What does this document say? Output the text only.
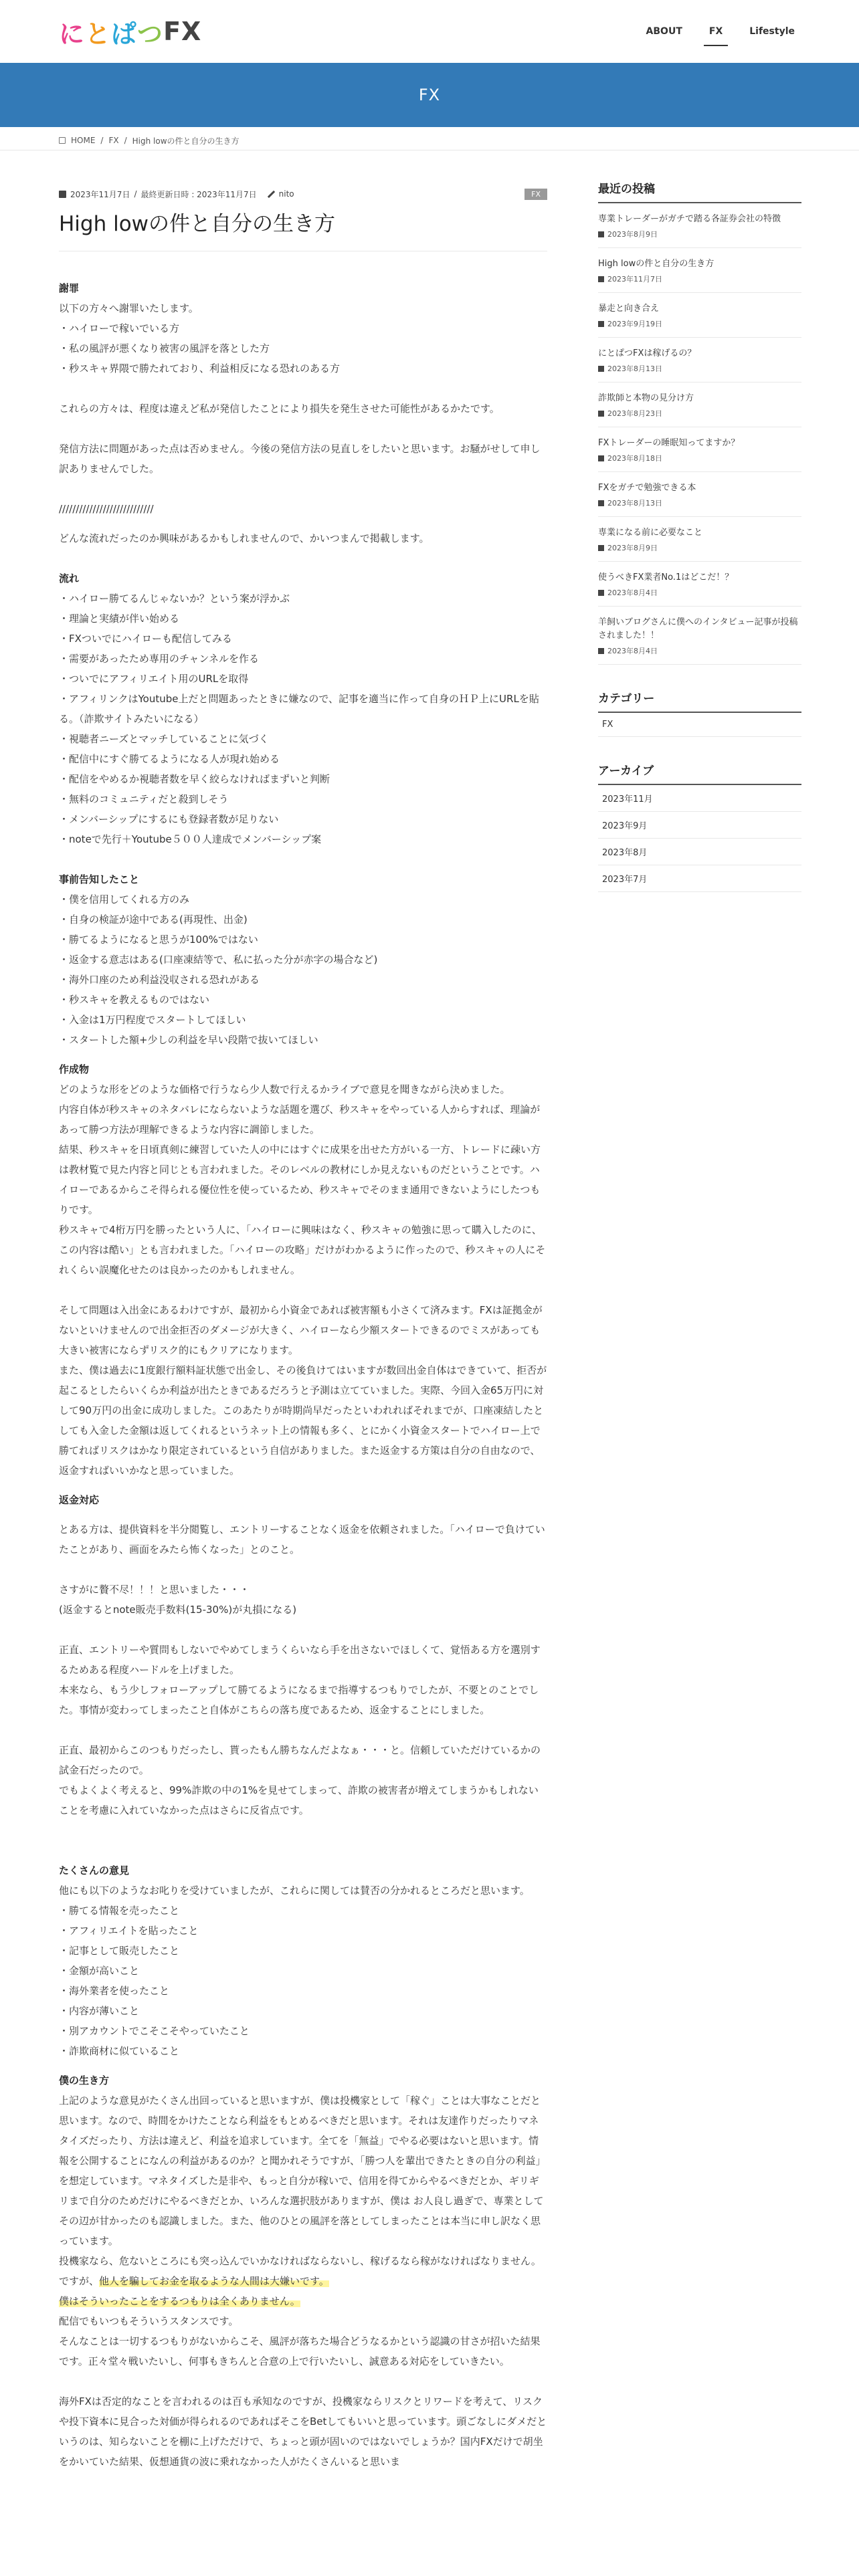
に と ぱ つ FX	ABOUT	FX	Lifestyle
FX
HOME / FX / High lowの件と自分の生き方
2023年11月7日 / 最終更新日時 : 2023年11月7日	nito	FX
High lowの件と自分の生き方

謝罪

以下の方々へ謝罪いたします。

・ハイローで稼いでいる方

・私の風評が悪くなり被害の風評を落とした方

・秒スキャ界隈で勝たれており、利益相反になる恐れのある方

これらの方々は、程度は違えど私が発信したことにより損失を発生させた可能性があるかたです。

発信方法に問題があった点は否めません。今後の発信方法の見直しをしたいと思います。お騒がせして申し訳ありませんでした。

////////////////////////////

どんな流れだったのか興味があるかもしれませんので、かいつまんで掲載します。

流れ

・ハイロー勝てるんじゃないか？という案が浮かぶ

・理論と実績が伴い始める

・FXついでにハイローも配信してみる

・需要があったため専用のチャンネルを作る

・ついでにアフィリエイト用のURLを取得

・アフィリンクはYoutube上だと問題あったときに嫌なので、記事を適当に作って自身のＨＰ上にURLを貼る。（詐欺サイトみたいになる）

・視聴者ニーズとマッチしていることに気づく

・配信中にすぐ勝てるようになる人が現れ始める

・配信をやめるか視聴者数を早く絞らなければまずいと判断

・無料のコミュニティだと殺到しそう

・メンバーシップにするにも登録者数が足りない

・noteで先行＋Youtube５００人達成でメンバーシップ案

事前告知したこと

・僕を信用してくれる方のみ

・自身の検証が途中である(再現性、出金)

・勝てるようになると思うが100%ではない

・返金する意志はある(口座凍結等で、私に払った分が赤字の場合など)

・海外口座のため利益没収される恐れがある

・秒スキャを教えるものではない

・入金は1万円程度でスタートしてほしい

・スタートした額+少しの利益を早い段階で抜いてほしい

作成物

どのような形をどのような価格で行うなら少人数で行えるかライブで意見を聞きながら決めました。

内容自体が秒スキャのネタバレにならないような話題を選び、秒スキャをやっている人からすれば、理論があって勝つ方法が理解できるような内容に調節しました。

結果、秒スキャを日頃真剣に練習していた人の中にはすぐに成果を出せた方がいる一方、トレードに疎い方は教材覧で見た内容と同じとも言われました。そのレベルの教材にしか見えないものだということです。ハイローであるからこそ得られる優位性を使っているため、秒スキャでそのまま通用できないようにしたつもりです。

秒スキャで4桁万円を勝ったという人に、「ハイローに興味はなく、秒スキャの勉強に思って購入したのに、この内容は酷い」とも言われました。「ハイローの攻略」だけがわかるように作ったので、秒スキャの人にそれくらい誤魔化せたのは良かったのかもしれません。

そして問題は入出金にあるわけですが、最初から小資金であれば被害額も小さくて済みます。FXは証拠金がないといけませんので出金拒否のダメージが大きく、ハイローなら少額スタートできるのでミスがあっても大きい被害にならずリスク的にもクリアになります。

また、僕は過去に1度銀行額料証状態で出金し、その後負けてはいますが数回出金自体はできていて、拒否が起こるとしたらいくらか利益が出たときであるだろうと予測は立てていました。実際、今回入金65万円に対して90万円の出金に成功しました。このあたりが時期尚早だったといわれればそれまでが、口座凍結したとしても入金した金額は返してくれるというネット上の情報も多く、とにかく小資金スタートでハイロー上で勝てればリスクはかなり限定されているという自信がありました。また返金する方策は自分の自由なので、返金すればいいかなと思っていました。

返金対応

とある方は、提供資料を半分閲覧し、エントリーすることなく返金を依頼されました。「ハイローで負けていたことがあり、画面をみたら怖くなった」とのこと。

さすがに贅不尽！！！と思いました・・・

(返金するとnote販売手数料(15-30%)が丸損になる)

正直、エントリーや質問もしないでやめてしまうくらいなら手を出さないでほしくて、覚悟ある方を選別するためある程度ハードルを上げました。

本来なら、もう少しフォローアップして勝てるようになるまで指導するつもりでしたが、不要とのことでした。事情が変わってしまったこと自体がこちらの落ち度であるため、返金することにしました。

正直、最初からこのつもりだったし、貰ったもん勝ちなんだよなぁ・・・と。信頼していただけているかの試金石だったので。

でもよくよく考えると、99%詐欺の中の1%を見せてしまって、詐欺の被害者が増えてしまうかもしれないことを考慮に入れていなかった点はさらに反省点です。

たくさんの意見

他にも以下のようなお叱りを受けていましたが、これらに関しては賛否の分かれるところだと思います。

・勝てる情報を売ったこと

・アフィリエイトを貼ったこと

・記事として販売したこと

・金額が高いこと

・海外業者を使ったこと

・内容が薄いこと

・別アカウントでこそこそやっていたこと

・詐欺商材に似ていること

僕の生き方

上記のような意見がたくさん出回っていると思いますが、僕は投機家として「稼ぐ」ことは大事なことだと思います。なので、時間をかけたことなら利益をもとめるべきだと思います。それは友達作りだったりマネタイズだったり、方法は違えど、利益を追求しています。全てを「無益」でやる必要はないと思います。情報を公開することになんの利益があるのか？と聞かれそうですが、「勝つ人を輩出できたときの自分の利益」を想定しています。マネタイズした是非や、もっと自分が稼いで、信用を得てからやるべきだとか、ギリギリまで自分のためだけにやるべきだとか、いろんな選択肢がありますが、僕は お人良し過ぎで、専業としてその辺が甘かったのも認識しました。また、他のひとの風評を落としてしまったことは本当に申し訳なく思っています。

投機家なら、危ないところにも突っ込んでいかなければならないし、稼げるなら稼がなければなりません。

ですが、他人を騙してお金を取るような人間は大嫌いです。

僕はそういったことをするつもりは全くありません。

配信でもいつもそういうスタンスです。

そんなことは一切するつもりがないからこそ、風評が落ちた場合どうなるかという認識の甘さが招いた結果です。正々堂々戦いたいし、何事もきちんと合意の上で行いたいし、誠意ある対応をしていきたい。

海外FXは否定的なことを言われるのは百も承知なのですが、投機家ならリスクとリワードを考えて、リスクや投下資本に見合った対価が得られるのであればそこをBetしてもいいと思っています。頭ごなしにダメだというのは、知らないことを棚に上げただけで、ちょっと頭が固いのではないでしょうか？国内FXだけで胡坐をかいていた結果、仮想通貨の波に乗れなかった人がたくさんいると思いま

最近の投稿
専業トレーダーがガチで踏る各証券会社の特徴
2023年8月9日
High lowの件と自分の生き方
2023年11月7日
暴走と向き合え
2023年9月19日
にとぱつFXは稼げるの？
2023年8月13日
詐欺師と本物の見分け方
2023年8月23日
FXトレーダーの睡眠知ってますか？
2023年8月18日
FXをガチで勉強できる本
2023年8月13日
専業になる前に必要なこと
2023年8月9日
使うべきFX業者No.1はどこだ！？
2023年8月4日
羊飼いブログさんに僕へのインタビュー記事が投稿されました！！
2023年8月4日
カテゴリー
FX
アーカイブ
2023年11月
2023年9月
2023年8月
2023年7月
